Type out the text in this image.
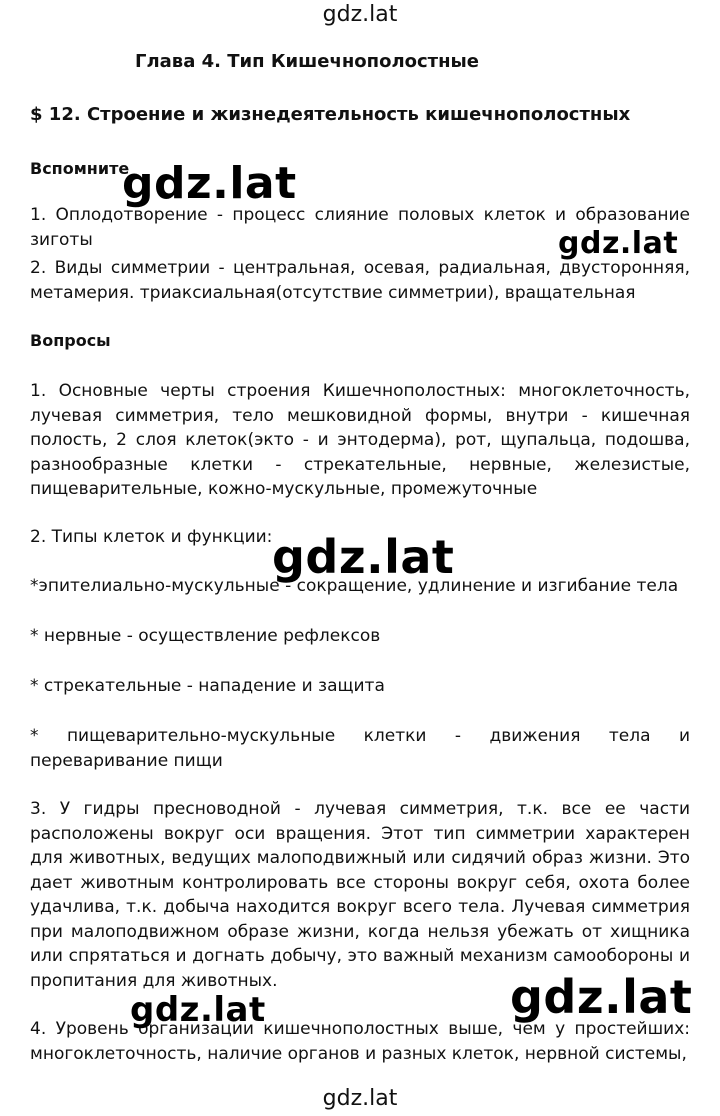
gdz.lat
Глава 4. Тип Кишечнополостные
$ 12. Строение и жизнедеятельность кишечнополостных
Вспомните
1. Оплодотворение - процесс слияние половых клеток и образование зиготы
2. Виды симметрии - центральная, осевая, радиальная, двусторонняя, метамерия. триаксиальная(отсутствие симметрии), вращательная
Вопросы
1. Основные черты строения Кишечнополостных: многоклеточность, лучевая симметрия, тело мешковидной формы, внутри - кишечная полость, 2 слоя клеток(экто - и энтодерма), рот, щупальца, подошва, разнообразные клетки - стрекательные, нервные, железистые, пищеварительные, кожно-мускульные, промежуточные
2. Типы клеток и функции:
*эпителиально-мускульные - сокращение, удлинение и изгибание тела
* нервные - осуществление рефлексов
* стрекательные - нападение и защита
* пищеварительно-мускульные клетки - движения тела и переваривание пищи
3. У гидры пресноводной - лучевая симметрия, т.к. все ее части расположены вокруг оси вращения. Этот тип симметрии характерен для животных, ведущих малоподвижный или сидячий образ жизни. Это дает животным контролировать все стороны вокруг себя, охота более удачлива, т.к. добыча находится вокруг всего тела. Лучевая симметрия при малоподвижном образе жизни, когда нельзя убежать от хищника или спрятаться и догнать добычу, это важный механизм самообороны и пропитания для животных.
4. Уровень организации кишечнополостных выше, чем у простейших: многоклеточность, наличие органов и разных клеток, нервной системы,
gdz.lat
gdz.lat
gdz.lat
gdz.lat	gdz.lat
gdz.lat
